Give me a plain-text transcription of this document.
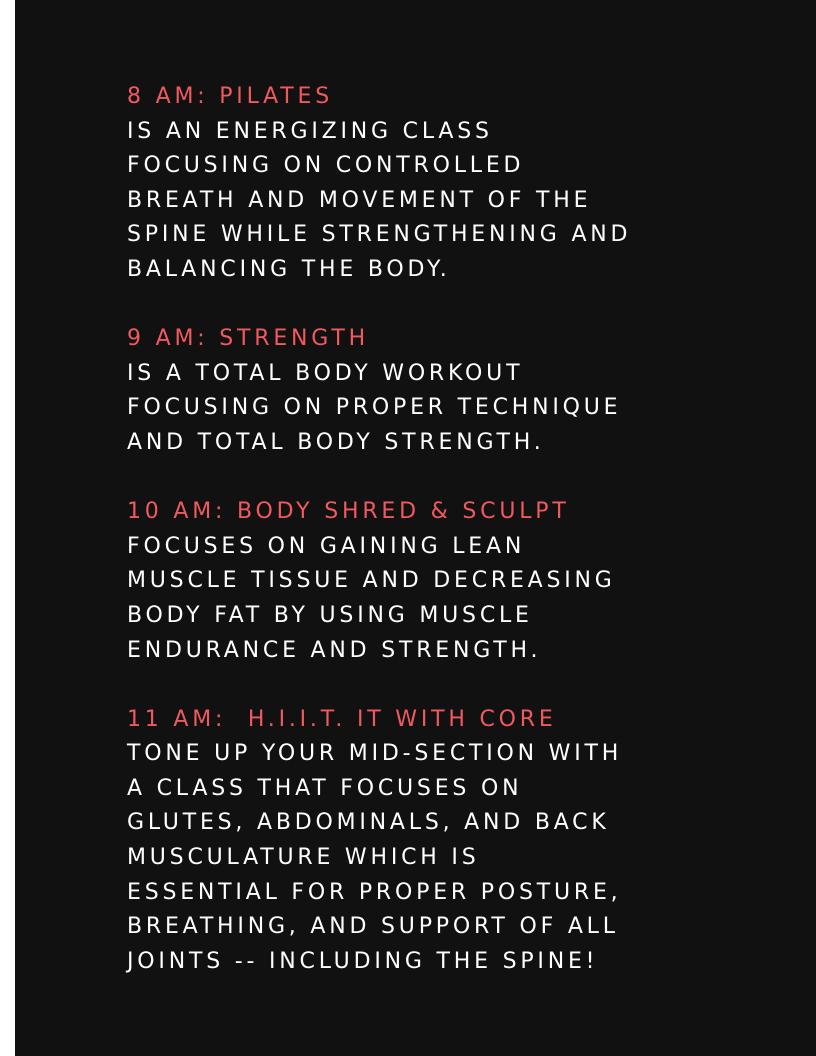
8 AM: PILATES
IS AN ENERGIZING CLASS
FOCUSING ON CONTROLLED
BREATH AND MOVEMENT OF THE
SPINE WHILE STRENGTHENING AND
BALANCING THE BODY.
9 AM: STRENGTH
IS A TOTAL BODY WORKOUT
FOCUSING ON PROPER TECHNIQUE
AND TOTAL BODY STRENGTH.
10 AM: BODY SHRED & SCULPT
FOCUSES ON GAINING LEAN
MUSCLE TISSUE AND DECREASING
BODY FAT BY USING MUSCLE
ENDURANCE AND STRENGTH.
11 AM:  H.I.I.T. IT WITH CORE
TONE UP YOUR MID-SECTION WITH
A CLASS THAT FOCUSES ON
GLUTES, ABDOMINALS, AND BACK
MUSCULATURE WHICH IS
ESSENTIAL FOR PROPER POSTURE,
BREATHING, AND SUPPORT OF ALL
JOINTS -- INCLUDING THE SPINE!
